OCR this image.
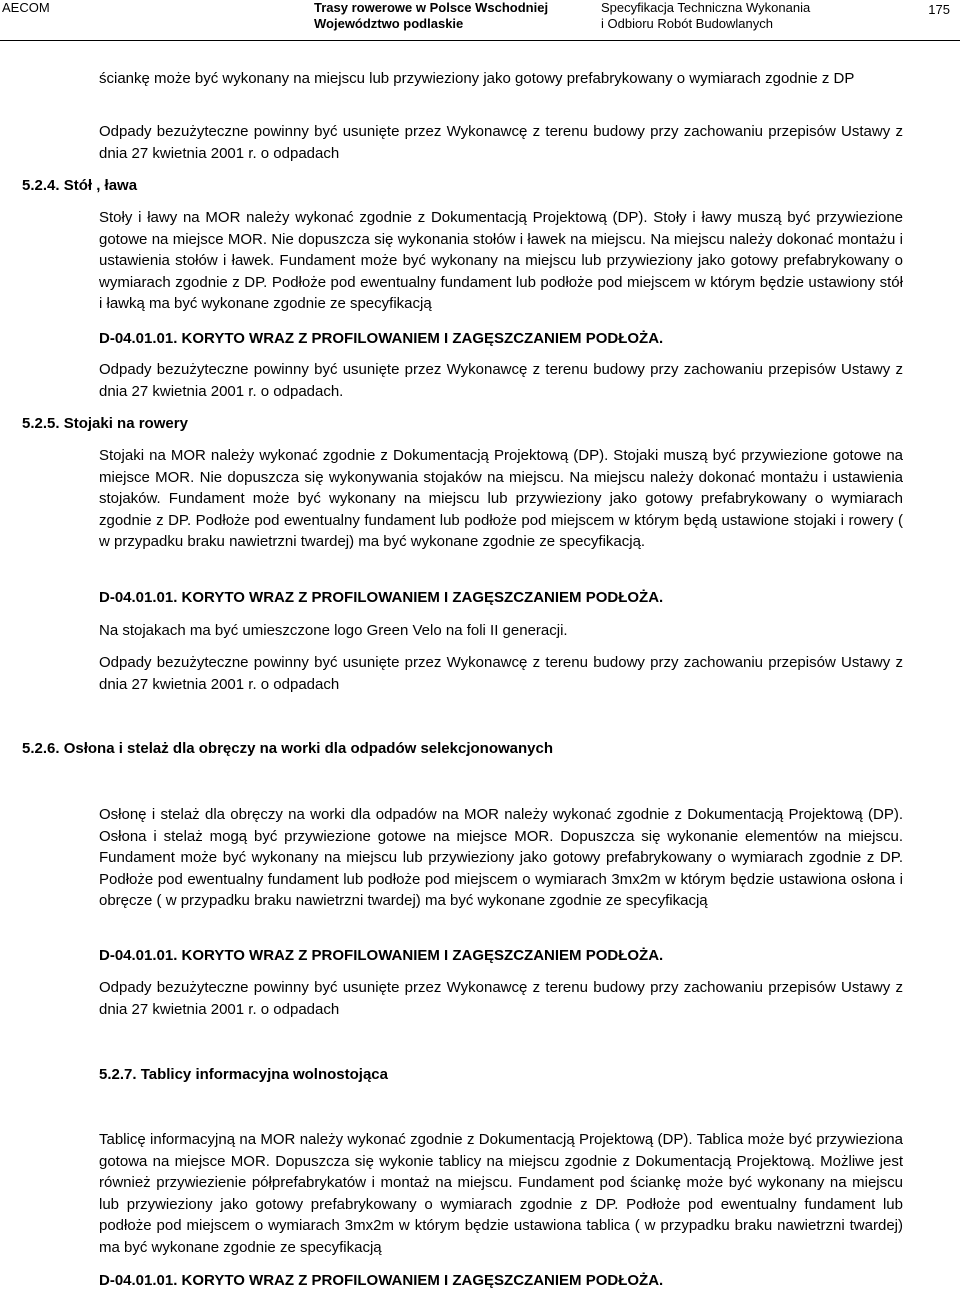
AECOM	Trasy rowerowe w Polsce Wschodniej
Województwo podlaskie
Specyfikacja Techniczna Wykonania
i Odbioru Robót Budowlanych
175

ściankę może być wykonany na miejscu lub przywieziony jako gotowy prefabrykowany o wymiarach zgodnie z DP

Odpady bezużyteczne powinny być usunięte przez Wykonawcę z terenu budowy przy zachowaniu przepisów Ustawy z dnia 27 kwietnia 2001 r. o odpadach

5.2.4. Stół , ława

Stoły i ławy na MOR należy wykonać zgodnie z Dokumentacją Projektową (DP). Stoły i ławy muszą być przywiezione gotowe na miejsce MOR. Nie dopuszcza się wykonania stołów i ławek na miejscu. Na miejscu należy dokonać montażu i ustawienia stołów i ławek. Fundament może być wykonany na miejscu lub przywieziony jako gotowy prefabrykowany o wymiarach zgodnie z DP. Podłoże pod ewentualny fundament lub podłoże pod miejscem w którym będzie ustawiony stół i ławką ma być wykonane zgodnie ze specyfikacją

D-04.01.01. KORYTO WRAZ Z PROFILOWANIEM I ZAGĘSZCZANIEM PODŁOŻA.

Odpady bezużyteczne powinny być usunięte przez Wykonawcę z terenu budowy przy zachowaniu przepisów Ustawy z dnia 27 kwietnia 2001 r. o odpadach.

5.2.5. Stojaki na rowery

Stojaki na MOR należy wykonać zgodnie z Dokumentacją Projektową (DP). Stojaki muszą być przywiezione gotowe na miejsce MOR. Nie dopuszcza się wykonywania stojaków na miejscu. Na miejscu należy dokonać montażu i ustawienia stojaków. Fundament może być wykonany na miejscu lub przywieziony jako gotowy prefabrykowany o wymiarach zgodnie z DP. Podłoże pod ewentualny fundament lub podłoże pod miejscem w którym będą ustawione stojaki i rowery ( w przypadku braku nawietrzni twardej) ma być wykonane zgodnie ze specyfikacją.

D-04.01.01. KORYTO WRAZ Z PROFILOWANIEM I ZAGĘSZCZANIEM PODŁOŻA.

Na stojakach ma być umieszczone logo Green Velo na foli II generacji.

Odpady bezużyteczne powinny być usunięte przez Wykonawcę z terenu budowy przy zachowaniu przepisów Ustawy z dnia 27 kwietnia 2001 r. o odpadach

5.2.6. Osłona i stelaż dla obręczy na worki dla odpadów selekcjonowanych

Osłonę i stelaż dla obręczy na worki dla odpadów na MOR należy wykonać zgodnie z Dokumentacją Projektową (DP). Osłona i stelaż mogą być przywiezione gotowe na miejsce MOR. Dopuszcza się wykonanie elementów na miejscu. Fundament może być wykonany na miejscu lub przywieziony jako gotowy prefabrykowany o wymiarach zgodnie z DP. Podłoże pod ewentualny fundament lub podłoże pod miejscem o wymiarach 3mx2m w którym będzie ustawiona osłona i obręcze ( w przypadku braku nawietrzni twardej) ma być wykonane zgodnie ze specyfikacją

D-04.01.01. KORYTO WRAZ Z PROFILOWANIEM I ZAGĘSZCZANIEM PODŁOŻA.

Odpady bezużyteczne powinny być usunięte przez Wykonawcę z terenu budowy przy zachowaniu przepisów Ustawy z dnia 27 kwietnia 2001 r. o odpadach

5.2.7. Tablicy informacyjna wolnostojąca

Tablicę informacyjną na MOR należy wykonać zgodnie z Dokumentacją Projektową (DP). Tablica może być przywieziona gotowa na miejsce MOR. Dopuszcza się wykonie tablicy na miejscu zgodnie z Dokumentacją Projektową. Możliwe jest również przywiezienie półprefabrykatów i montaż na miejscu. Fundament pod ściankę może być wykonany na miejscu lub przywieziony jako gotowy prefabrykowany o wymiarach zgodnie z DP. Podłoże pod ewentualny fundament lub podłoże pod miejscem o wymiarach 3mx2m w którym będzie ustawiona tablica ( w przypadku braku nawietrzni twardej) ma być wykonane zgodnie ze specyfikacją

D-04.01.01. KORYTO WRAZ Z PROFILOWANIEM I ZAGĘSZCZANIEM PODŁOŻA.
